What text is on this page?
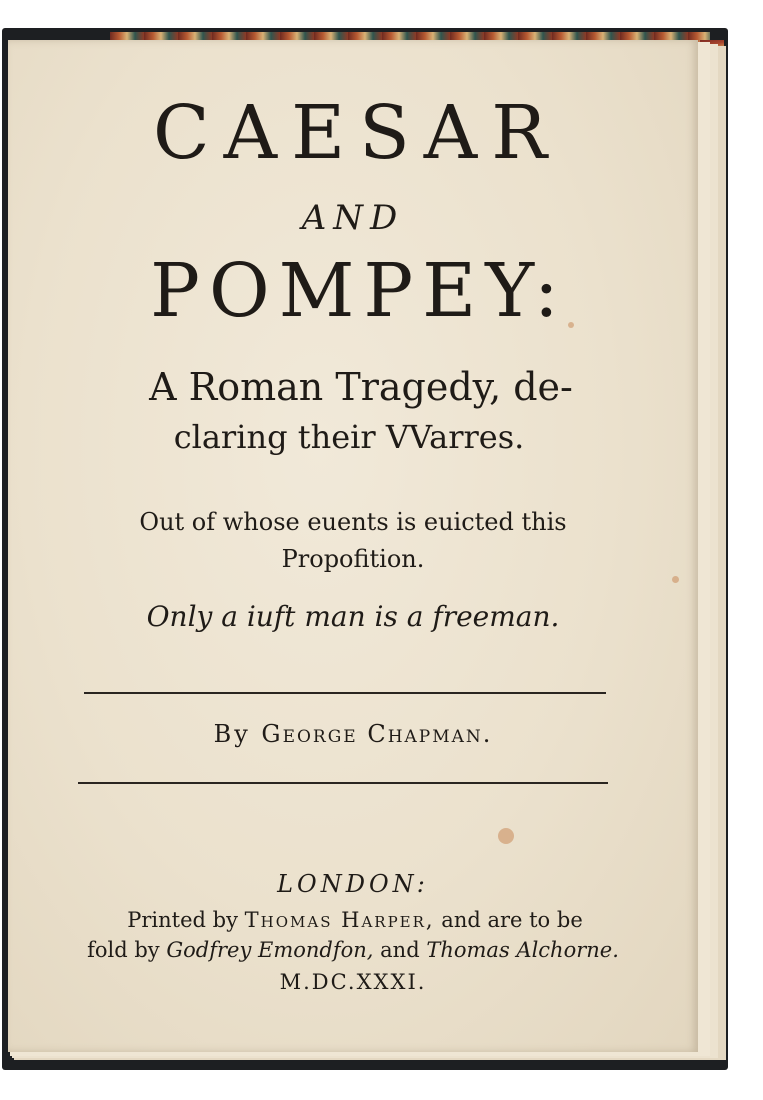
CAESAR
AND
POMPEY:
A Roman Tragedy, de-
claring their VVarres.
Out of whose euents is euicted this
Propofition.
Only a iuft man is a freeman.
By George Chapman.
LONDON:
Printed by Thomas Harper, and are to be
fold by Godfrey Emondfon, and Thomas Alchorne.
M.DC.XXXI.
